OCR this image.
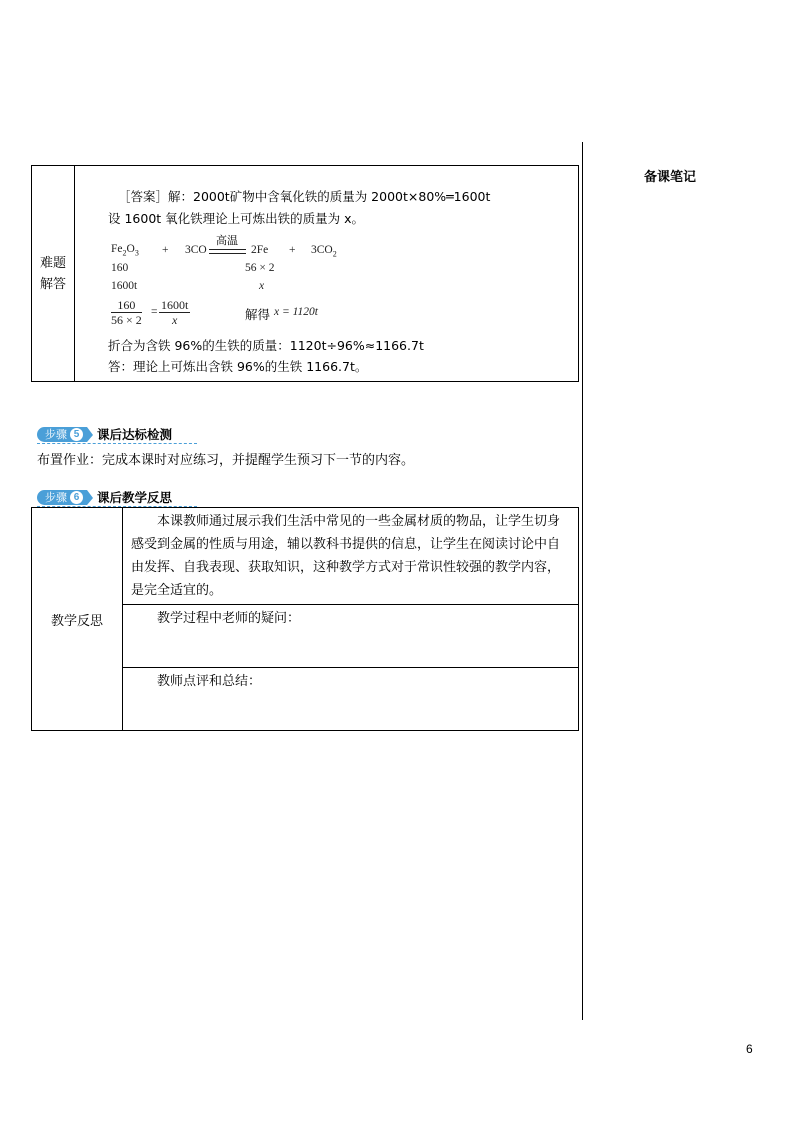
备课笔记
难题
解答	
［答案］解：2000t矿物中含氧化铁的质量为 2000t×80%═1600t
设 1600t 氧化铁理论上可炼出铁的质量为 x。
$Fe_2O_3 + 3CO$
高温
$2Fe + 3CO_2$
160	56 × 2
1600t	x
$\frac{160}{56 \times 2} = \frac{1600t}{x}$	解得 x = 1120t
折合为含铁 96%的生铁的质量：1120t÷96%≈1166.7t
答：理论上可炼出含铁 96%的生铁 1166.7t。
步骤 5 课后达标检测
布置作业：完成本课时对应练习，并提醒学生预习下一节的内容。
步骤 6 课后教学反思
教学反思	

本课教师通过展示我们生活中常见的一些金属材质的物品，让学生切身感受到金属的性质与用途，辅以教科书提供的信息，让学生在阅读讨论中自由发挥、自我表现、获取知识，这种教学方式对于常识性较强的教学内容，是完全适宜的。

教学过程中老师的疑问：

教师点评和总结：

6
